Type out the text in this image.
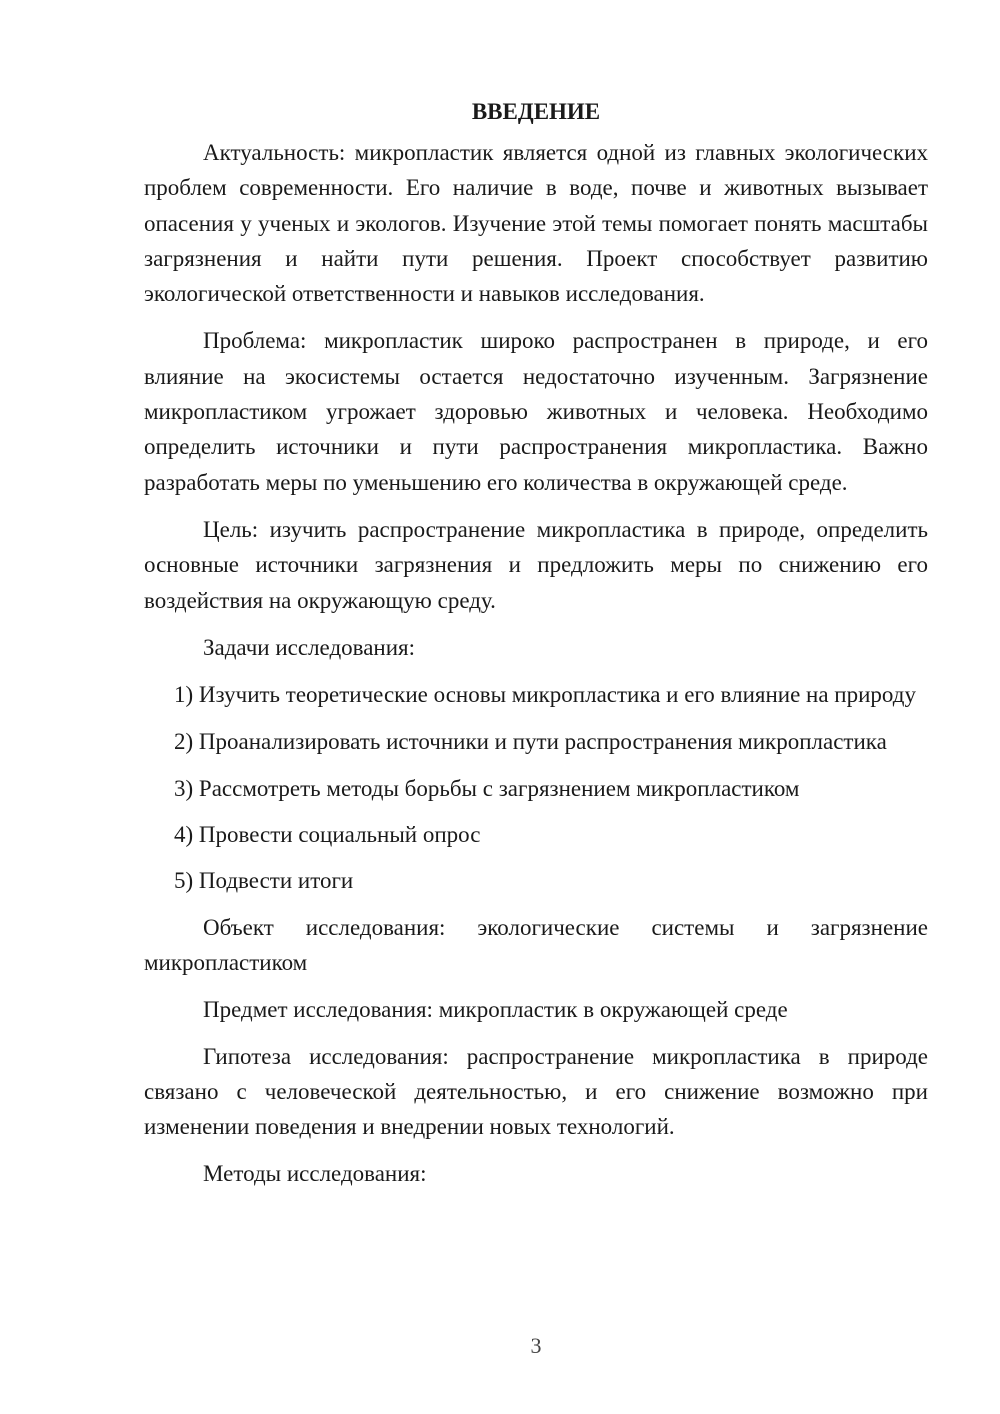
ВВЕДЕНИЕ

Актуальность: микропластик является одной из главных экологических проблем современности. Его наличие в воде, почве и животных вызывает опасения у ученых и экологов. Изучение этой темы помогает понять масштабы загрязнения и найти пути решения. Проект способствует развитию экологической ответственности и навыков исследования.

Проблема: микропластик широко распространен в природе, и его влияние на экосистемы остается недостаточно изученным. Загрязнение микропластиком угрожает здоровью животных и человека. Необходимо определить источники и пути распространения микропластика. Важно разработать меры по уменьшению его количества в окружающей среде.

Цель: изучить распространение микропластика в природе, определить основные источники загрязнения и предложить меры по снижению его воздействия на окружающую среду.

Задачи исследования:

1) Изучить теоретические основы микропластика и его влияние на природу

2) Проанализировать источники и пути распространения микропластика

3) Рассмотреть методы борьбы с загрязнением микропластиком

4) Провести социальный опрос

5) Подвести итоги

Объект исследования: экологические системы и загрязнение микропластиком

Предмет исследования: микропластик в окружающей среде

Гипотеза исследования: распространение микропластика в природе связано с человеческой деятельностью, и его снижение возможно при изменении поведения и внедрении новых технологий.

Методы исследования:

3
